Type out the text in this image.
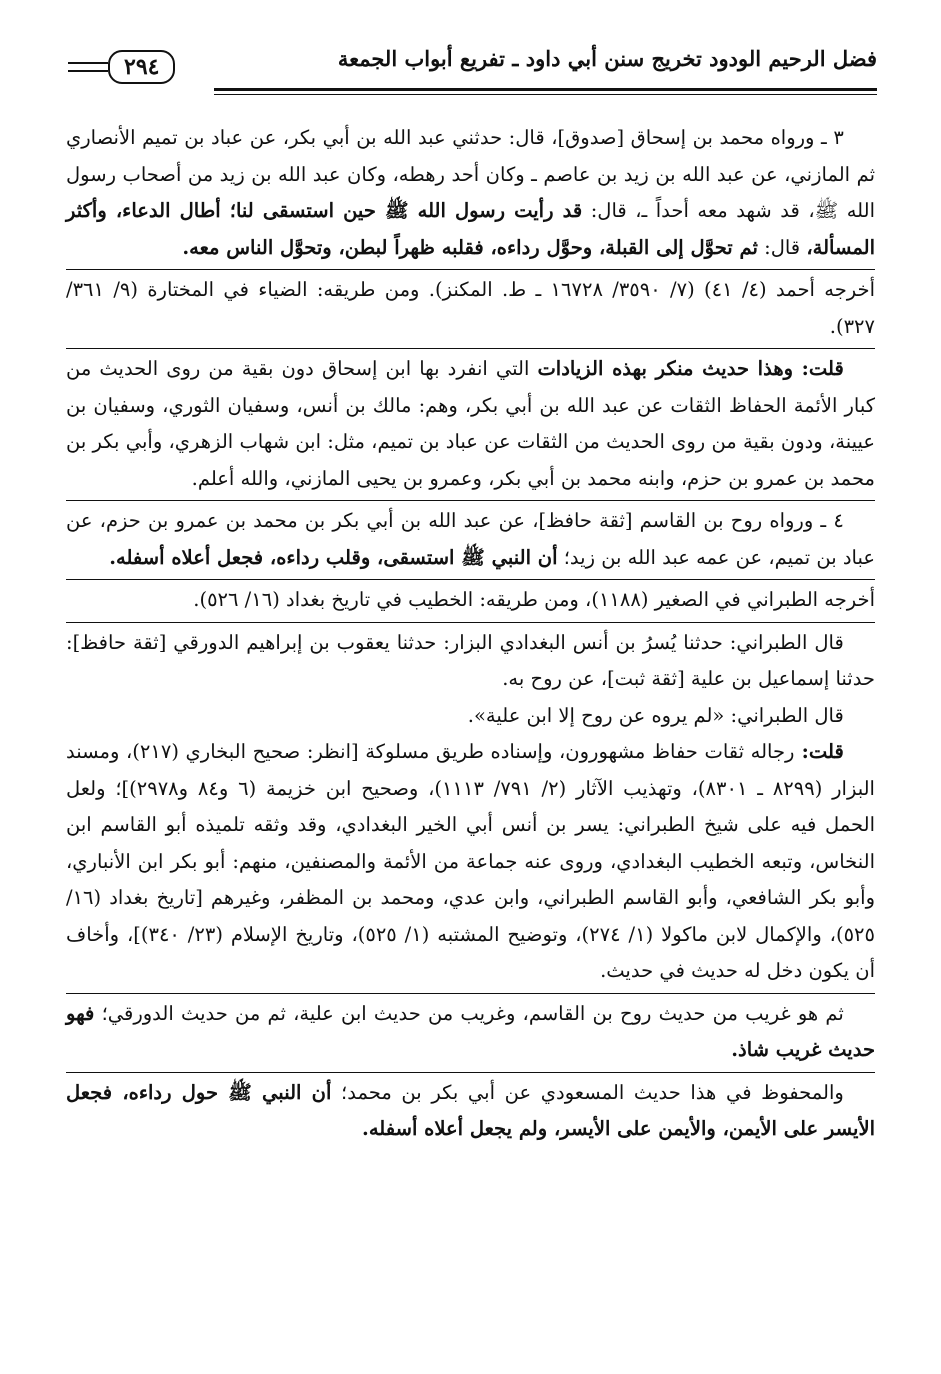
فضل الرحيم الودود تخريج سنن أبي داود ـ تفريع أبواب الجمعة
٢٩٤

٣ ـ ورواه محمد بن إسحاق [صدوق]، قال: حدثني عبد الله بن أبي بكر، عن عباد بن تميم الأنصاري ثم المازني، عن عبد الله بن زيد بن عاصم ـ وكان أحد رهطه، وكان عبد الله بن زيد من أصحاب رسول الله ﷺ، قد شهد معه أحداً ـ، قال: قد رأيت رسول الله ﷺ حين استسقى لنا؛ أطال الدعاء، وأكثر المسألة، قال: ثم تحوَّل إلى القبلة، وحوَّل رداءه، فقلبه ظهراً لبطن، وتحوَّل الناس معه.

أخرجه أحمد (٤/ ٤١) (٧/ ٣٥٩٠/ ١٦٧٢٨ ـ ط. المكنز). ومن طريقه: الضياء في المختارة (٩/ ٣٦١/ ٣٢٧).

قلت: وهذا حديث منكر بهذه الزيادات التي انفرد بها ابن إسحاق دون بقية من روى الحديث من كبار الأئمة الحفاظ الثقات عن عبد الله بن أبي بكر، وهم: مالك بن أنس، وسفيان الثوري، وسفيان بن عيينة، ودون بقية من روى الحديث من الثقات عن عباد بن تميم، مثل: ابن شهاب الزهري، وأبي بكر بن محمد بن عمرو بن حزم، وابنه محمد بن أبي بكر، وعمرو بن يحيى المازني، والله أعلم.

٤ ـ ورواه روح بن القاسم [ثقة حافظ]، عن عبد الله بن أبي بكر بن محمد بن عمرو بن حزم، عن عباد بن تميم، عن عمه عبد الله بن زيد؛ أن النبي ﷺ استسقى، وقلب رداءه، فجعل أعلاه أسفله.

أخرجه الطبراني في الصغير (١١٨٨)، ومن طريقه: الخطيب في تاريخ بغداد (١٦/ ٥٢٦).

قال الطبراني: حدثنا يُسرُ بن أنس البغدادي البزار: حدثنا يعقوب بن إبراهيم الدورقي [ثقة حافظ]: حدثنا إسماعيل بن علية [ثقة ثبت]، عن روح به.

قال الطبراني: «لم يروه عن روح إلا ابن علية».

قلت: رجاله ثقات حفاظ مشهورون، وإسناده طريق مسلوكة [انظر: صحيح البخاري (٢١٧)، ومسند البزار (٨٢٩٩ ـ ٨٣٠١)، وتهذيب الآثار (٢/ ٧٩١/ ١١١٣)، وصحيح ابن خزيمة (٦ و٨٤ و٢٩٧٨)]؛ ولعل الحمل فيه على شيخ الطبراني: يسر بن أنس أبي الخير البغدادي، وقد وثقه تلميذه أبو القاسم ابن النخاس، وتبعه الخطيب البغدادي، وروى عنه جماعة من الأئمة والمصنفين، منهم: أبو بكر ابن الأنباري، وأبو بكر الشافعي، وأبو القاسم الطبراني، وابن عدي، ومحمد بن المظفر، وغيرهم [تاريخ بغداد (١٦/ ٥٢٥)، والإكمال لابن ماكولا (١/ ٢٧٤)، وتوضيح المشتبه (١/ ٥٢٥)، وتاريخ الإسلام (٢٣/ ٣٤٠)]، وأخاف أن يكون دخل له حديث في حديث.

ثم هو غريب من حديث روح بن القاسم، وغريب من حديث ابن علية، ثم من حديث الدورقي؛ فهو حديث غريب شاذ.

والمحفوظ في هذا حديث المسعودي عن أبي بكر بن محمد؛ أن النبي ﷺ حول رداءه، فجعل الأيسر على الأيمن، والأيمن على الأيسر، ولم يجعل أعلاه أسفله.
